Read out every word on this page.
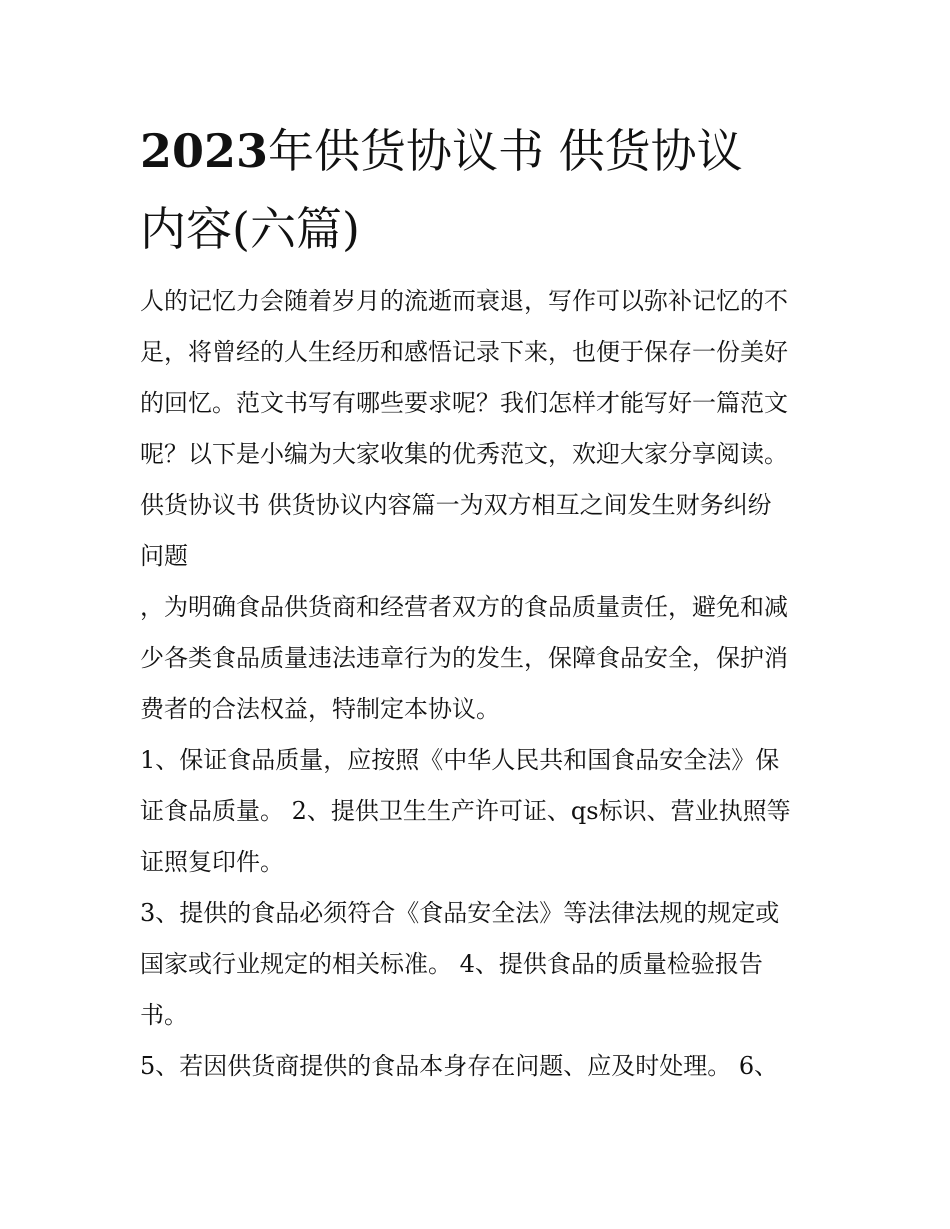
2023年供货协议书 供货协议
内容(六篇)
人的记忆力会随着岁月的流逝而衰退，写作可以弥补记忆的不
足，将曾经的人生经历和感悟记录下来，也便于保存一份美好
的回忆。范文书写有哪些要求呢？我们怎样才能写好一篇范文
呢？以下是小编为大家收集的优秀范文，欢迎大家分享阅读。
供货协议书 供货协议内容篇一为双方相互之间发生财务纠纷
问题
，为明确食品供货商和经营者双方的食品质量责任，避免和减
少各类食品质量违法违章行为的发生，保障食品安全，保护消
费者的合法权益，特制定本协议。
1、保证食品质量，应按照《中华人民共和国食品安全法》保
证食品质量。 2、提供卫生生产许可证、qs标识、营业执照等
证照复印件。
3、提供的食品必须符合《食品安全法》等法律法规的规定或
国家或行业规定的相关标准。 4、提供食品的质量检验报告
书。
5、若因供货商提供的食品本身存在问题、应及时处理。 6、
